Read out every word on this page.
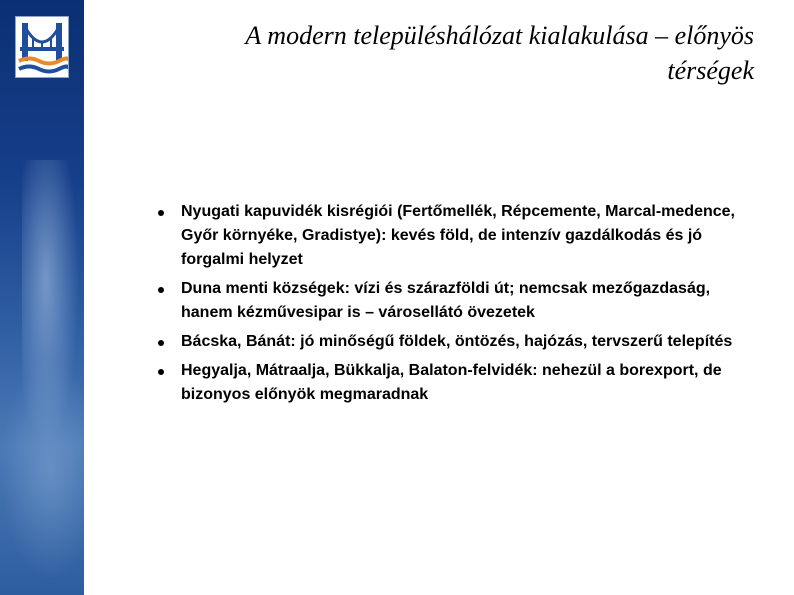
A modern településhálózat kialakulása – előnyös
térségek
Nyugati kapuvidék kisrégiói (Fertőmellék, Répcemente, Marcal-medence, Győr környéke, Gradistye): kevés föld, de intenzív gazdálkodás és jó forgalmi helyzet
Duna menti községek: vízi és szárazföldi út; nemcsak mezőgazdaság, hanem kézművesipar is – városellátó övezetek
Bácska, Bánát: jó minőségű földek, öntözés, hajózás, tervszerű telepítés
Hegyalja, Mátraalja, Bükkalja, Balaton-felvidék: nehezül a borexport, de bizonyos előnyök megmaradnak
